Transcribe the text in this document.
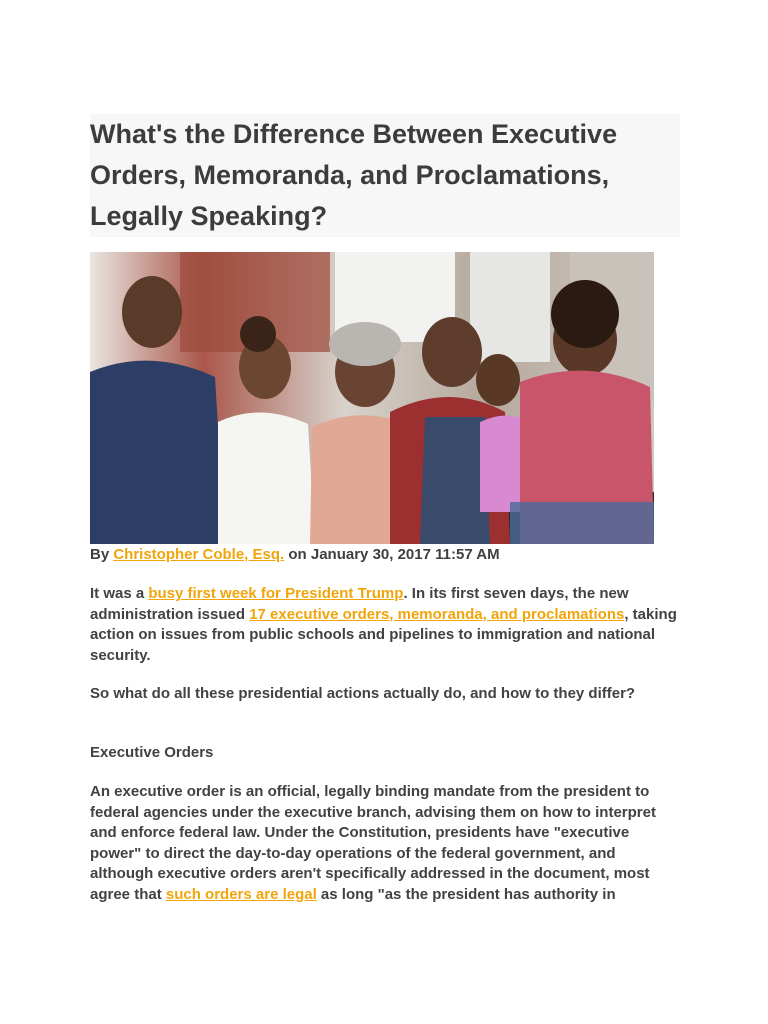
What's the Difference Between Executive Orders, Memoranda, and Proclamations, Legally Speaking?
By Christopher Coble, Esq. on January 30, 2017 11:57 AM

It was a busy first week for President Trump. In its first seven days, the new administration issued 17 executive orders, memoranda, and proclamations, taking action on issues from public schools and pipelines to immigration and national security.

So what do all these presidential actions actually do, and how to they differ?

Executive Orders

An executive order is an official, legally binding mandate from the president to federal agencies under the executive branch, advising them on how to interpret and enforce federal law. Under the Constitution, presidents have "executive power" to direct the day-to-day operations of the federal government, and although executive orders aren't specifically addressed in the document, most agree that such orders are legal as long "as the president has authority in
